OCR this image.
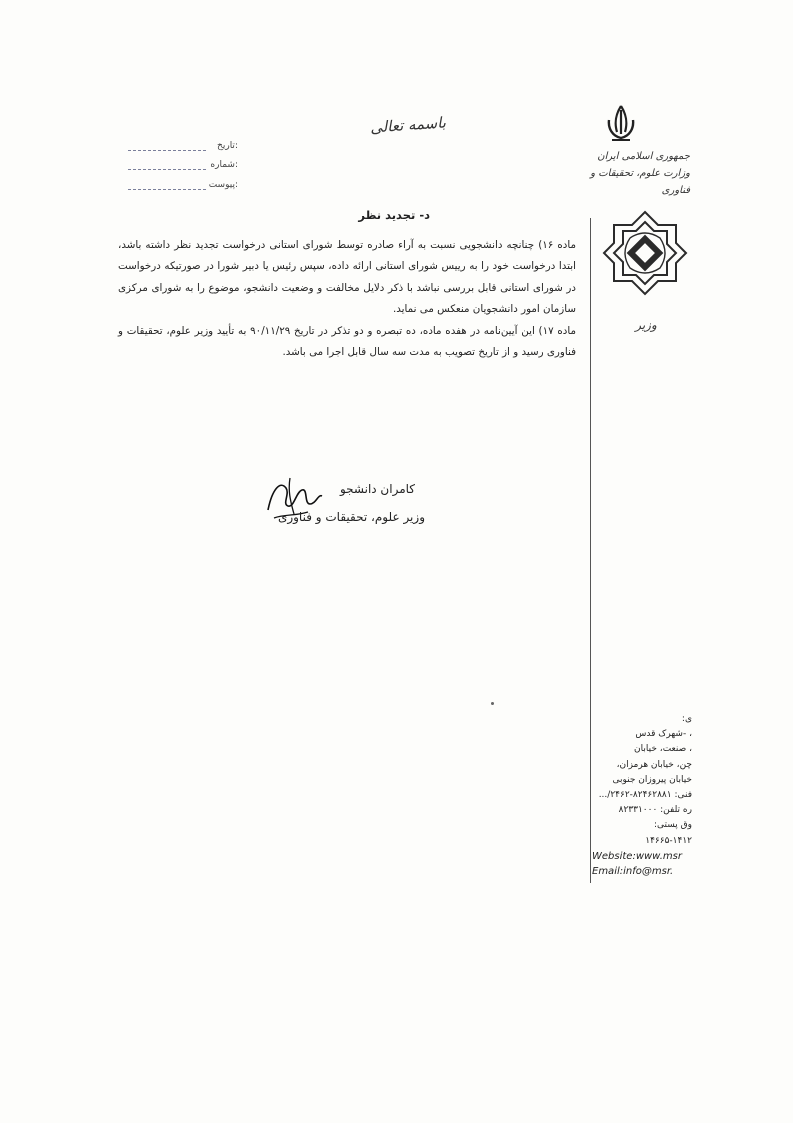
باسمه تعالی
جمهوری اسلامی ایران
وزارت علوم، تحقیقات و فناوری
تاریخ:
شماره:
پیوست:
وزیر
ی:
، -شهرک قدس
، صنعت، خیابان
چن، خیابان هرمزان،
خیابان پیروزان جنوبی
فنی: ۸۲۴۶۲۸۸۱-۲۴۶۲/...
ره تلفن: ۸۲۳۳۱۰۰۰
وق پستی:
۱۴۶۶۵-۱۴۱۲
Website:www.msr
Email:info@msr.
د- تجدید نظر

ماده ۱۶) چنانچه دانشجویی نسبت به آراء صادره توسط شورای استانی درخواست تجدید نظر داشته باشد، ابتدا درخواست خود را به رییس شورای استانی ارائه داده، سپس رئیس یا دبیر شورا در صورتیکه درخواست در شورای استانی قابل بررسی نباشد با ذکر دلایل مخالفت و وضعیت دانشجو، موضوع را به شورای مرکزی سازمان امور دانشجویان منعکس می نماید.

ماده ۱۷) این آیین‌نامه در هفده ماده، ده تبصره و دو تذکر در تاریخ ۹۰/۱۱/۲۹ به تأیید وزیر علوم، تحقیقات و فناوری رسید و از تاریخ تصویب به مدت سه سال قابل اجرا می باشد.

کامران دانشجو
وزیر علوم، تحقیقات و فناوری
